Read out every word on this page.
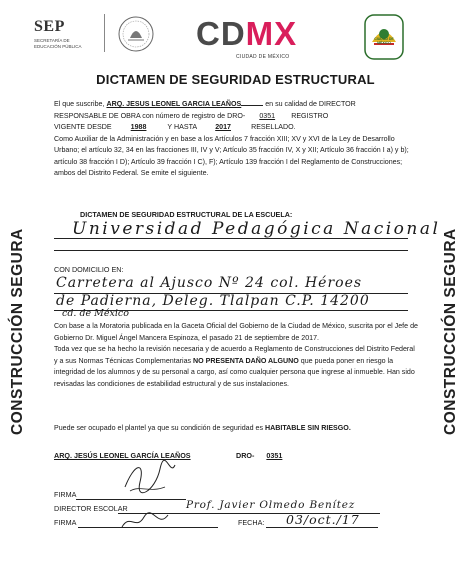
SEP
SECRETARÍA DE
EDUCACIÓN PÚBLICA	CDMX
CIUDAD DE MÉXICO
CIUDAD DE MÉXICO
DICTAMEN DE SEGURIDAD ESTRUCTURAL
CONSTRUCCIÓN SEGURA	CONSTRUCCIÓN SEGURA
El que suscribe, ARQ. JESUS LEONEL GARCIA LEAÑOS	en su calidad de DIRECTOR
RESPONSABLE DE OBRA con número de registro de DRO- 0351 REGISTRO
VIGENTE DESDE	1988	Y HASTA	2017	RESELLADO.
Como Auxiliar de la Administración y en base a los Artículos 7 fracción XIII; XV y XVI de la Ley de Desarrollo Urbano; el artículo 32, 34 en las fracciones III, IV y V; Artículo 35 fracción IV, X y XII; Artículo 36 fracción I a) y b); artículo 38 fracción I D); Artículo 39 fracción I C), F); Artículo 139 fracción I del Reglamento de Construcciones; ambos del Distrito Federal. Se emite el siguiente.
DICTAMEN DE SEGURIDAD ESTRUCTURAL DE LA ESCUELA:
Universidad Pedagógica Nacional
CON DOMICILIO EN:
Carretera al Ajusco Nº 24 col. Héroes
de Padierna, Deleg. Tlalpan C.P. 14200
cd. de México
Con base a la Moratoria publicada en la Gaceta Oficial del Gobierno de la Ciudad de México, suscrita por el Jefe de Gobierno Dr. Miguel Ángel Mancera Espinoza, el pasado 21 de septiembre de 2017.
Toda vez que se ha hecho la revisión necesaria y de acuerdo a Reglamento de Construcciones del Distrito Federal y a sus Normas Técnicas Complementarias NO PRESENTA DAÑO ALGUNO que pueda poner en riesgo la integridad de los alumnos y de su personal a cargo, así como cualquier persona que ingrese al inmueble. Han sido revisadas las condiciones de estabilidad estructural y de sus instalaciones.
Puede ser ocupado el plantel ya que su condición de seguridad es HABITABLE SIN RIESGO.
ARQ. JESÚS LEONEL GARCÍA LEAÑOS	DRO- 0351
FIRMA
DIRECTOR ESCOLAR	Prof. Javier Olmedo Benítez
FIRMA	FECHA: 03/oct./17
